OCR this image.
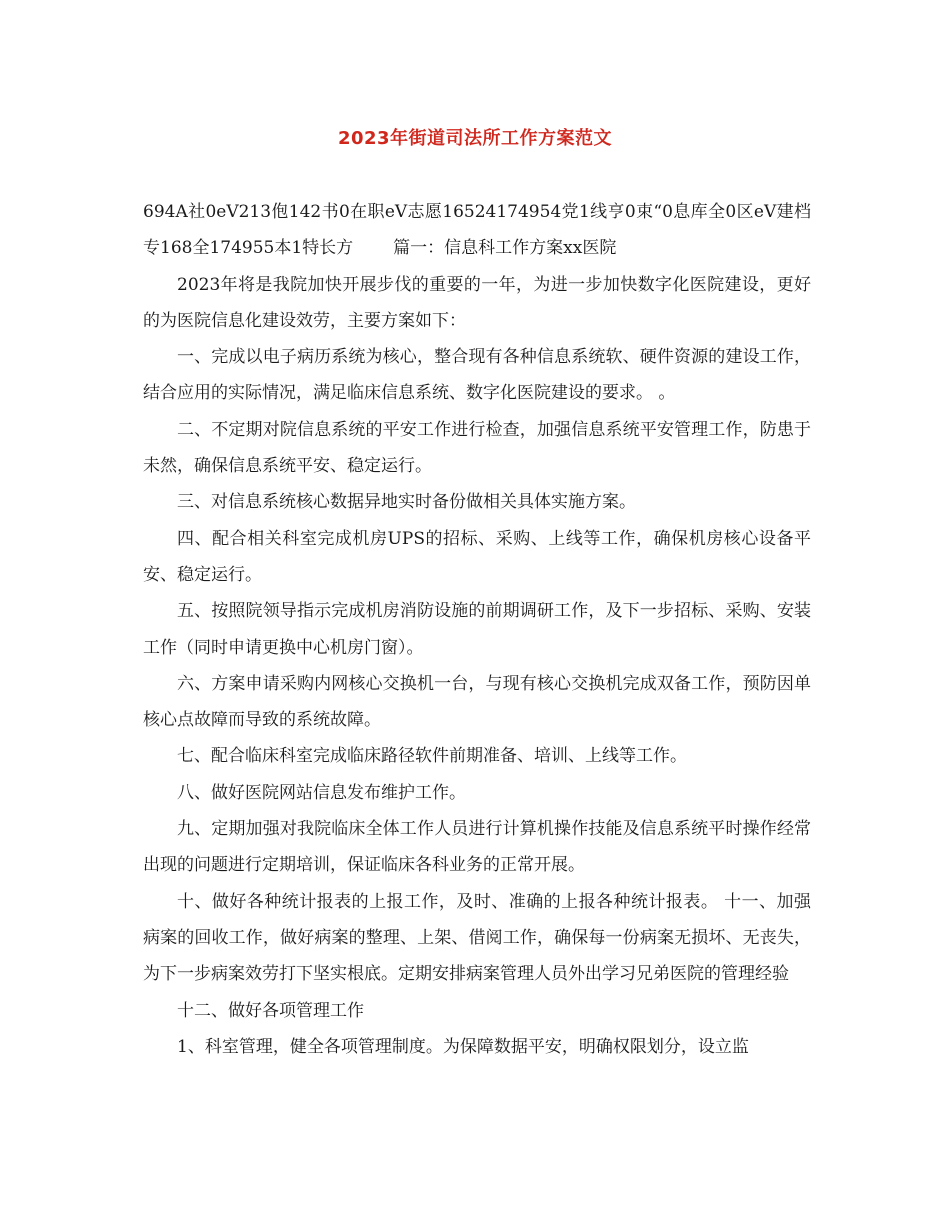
2023年街道司法所工作方案范文

694A社0eV213佨142书0在职eV志愿16524174954党1线亨0束“0息库全0区eV建档专168全174955本1特长方 篇一：信息科工作方案xx医院

2023年将是我院加快开展步伐的重要的一年，为进一步加快数字化医院建设，更好的为医院信息化建设效劳，主要方案如下：

一、完成以电子病历系统为核心，整合现有各种信息系统软、硬件资源的建设工作，结合应用的实际情况，满足临床信息系统、数字化医院建设的要求。 。

二、不定期对院信息系统的平安工作进行检查，加强信息系统平安管理工作，防患于未然，确保信息系统平安、稳定运行。

三、对信息系统核心数据异地实时备份做相关具体实施方案。

四、配合相关科室完成机房UPS的招标、采购、上线等工作，确保机房核心设备平安、稳定运行。

五、按照院领导指示完成机房消防设施的前期调研工作，及下一步招标、采购、安装工作（同时申请更换中心机房门窗）。

六、方案申请采购内网核心交换机一台，与现有核心交换机完成双备工作，预防因单核心点故障而导致的系统故障。

七、配合临床科室完成临床路径软件前期准备、培训、上线等工作。

八、做好医院网站信息发布维护工作。

九、定期加强对我院临床全体工作人员进行计算机操作技能及信息系统平时操作经常出现的问题进行定期培训，保证临床各科业务的正常开展。

十、做好各种统计报表的上报工作，及时、准确的上报各种统计报表。 十一、加强病案的回收工作，做好病案的整理、上架、借阅工作，确保每一份病案无损坏、无丧失，为下一步病案效劳打下坚实根底。定期安排病案管理人员外出学习兄弟医院的管理经验

十二、做好各项管理工作

1、科室管理，健全各项管理制度。为保障数据平安，明确权限划分，设立监
